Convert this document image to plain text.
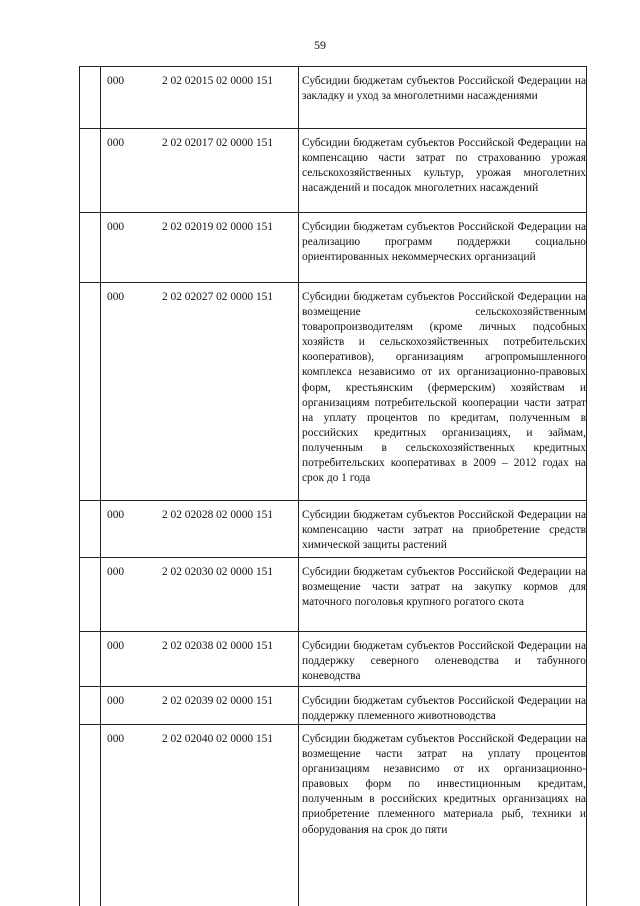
59
000	2 02 02015 02 0000 151	Субсидии бюджетам субъектов Российской Федерации на закладку и уход за многолетними насаждениями
000	2 02 02017 02 0000 151	Субсидии бюджетам субъектов Российской Федерации на компенсацию части затрат по страхованию урожая сельскохозяйственных культур, урожая многолетних насаждений и посадок многолетних насаждений
000	2 02 02019 02 0000 151	Субсидии бюджетам субъектов Российской Федерации на реализацию программ поддержки социально ориентированных некоммерческих организаций
000	2 02 02027 02 0000 151	Субсидии бюджетам субъектов Российской Федерации на возмещение сельскохозяйственным товаропроизводителям (кроме личных подсобных хозяйств и сельскохозяйственных потребительских кооперативов), организациям агропромышленного комплекса независимо от их организационно-правовых форм, крестьянским (фермерским) хозяйствам и организациям потребительской кооперации части затрат на уплату процентов по кредитам, полученным в российских кредитных организациях, и займам, полученным в сельскохозяйственных кредитных потребительских кооперативах в 2009 – 2012 годах на срок до 1 года
000	2 02 02028 02 0000 151	Субсидии бюджетам субъектов Российской Федерации на компенсацию части затрат на приобретение средств химической защиты растений
000	2 02 02030 02 0000 151	Субсидии бюджетам субъектов Российской Федерации на возмещение части затрат на закупку кормов для маточного поголовья крупного рогатого скота
000	2 02 02038 02 0000 151	Субсидии бюджетам субъектов Российской Федерации на поддержку северного оленеводства и табунного коневодства
000	2 02 02039 02 0000 151	Субсидии бюджетам субъектов Российской Федерации на поддержку племенного животноводства
000	2 02 02040 02 0000 151	Субсидии бюджетам субъектов Российской Федерации на возмещение части затрат на уплату процентов организациям независимо от их организационно-правовых форм по инвестиционным кредитам, полученным в российских кредитных организациях на приобретение племенного материала рыб, техники и оборудования на срок до пяти
